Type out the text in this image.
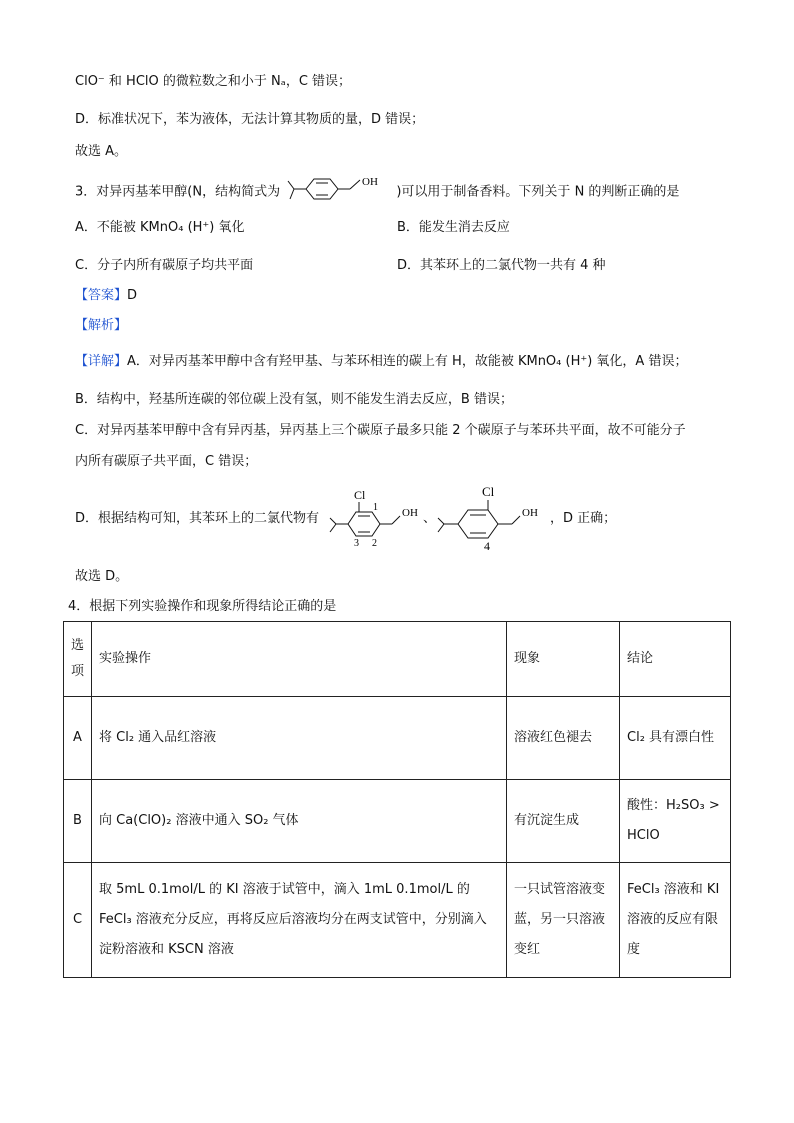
ClO⁻ 和 HClO 的微粒数之和小于 Nₐ，C 错误；
D．标准状况下，苯为液体，无法计算其物质的量，D 错误；
故选 A。
3．对异丙基苯甲醇(N，结构简式为
OH
)可以用于制备香料。下列关于 N 的判断正确的是
A．不能被 KMnO₄ (H⁺) 氧化	B．能发生消去反应
C．分子内所有碳原子均共平面	D．其苯环上的二氯代物一共有 4 种
【答案】D
【解析】
【详解】A．对异丙基苯甲醇中含有羟甲基、与苯环相连的碳上有 H，故能被 KMnO₄ (H⁺) 氧化，A 错误；
B．结构中，羟基所连碳的邻位碳上没有氢，则不能发生消去反应，B 错误；
C．对异丙基苯甲醇中含有异丙基，异丙基上三个碳原子最多只能 2 个碳原子与苯环共平面，故不可能分子
内所有碳原子共平面，C 错误；
D．根据结构可知，其苯环上的二氯代物有
Cl
1
3 2
OH 、
Cl
4
OH ，D 正确；
故选 D。
4．根据下列实验操作和现象所得结论正确的是
选项	实验操作	现象	结论
A	将 Cl₂ 通入品红溶液	溶液红色褪去	Cl₂ 具有漂白性
B	向 Ca(ClO)₂ 溶液中通入 SO₂ 气体	有沉淀生成	酸性：H₂SO₃ > HClO
C	取 5mL 0.1mol/L 的 KI 溶液于试管中，滴入 1mL 0.1mol/L 的 FeCl₃ 溶液充分反应，再将反应后溶液均分在两支试管中，分别滴入淀粉溶液和 KSCN 溶液	一只试管溶液变蓝，另一只溶液变红	FeCl₃ 溶液和 KI 溶液的反应有限度
